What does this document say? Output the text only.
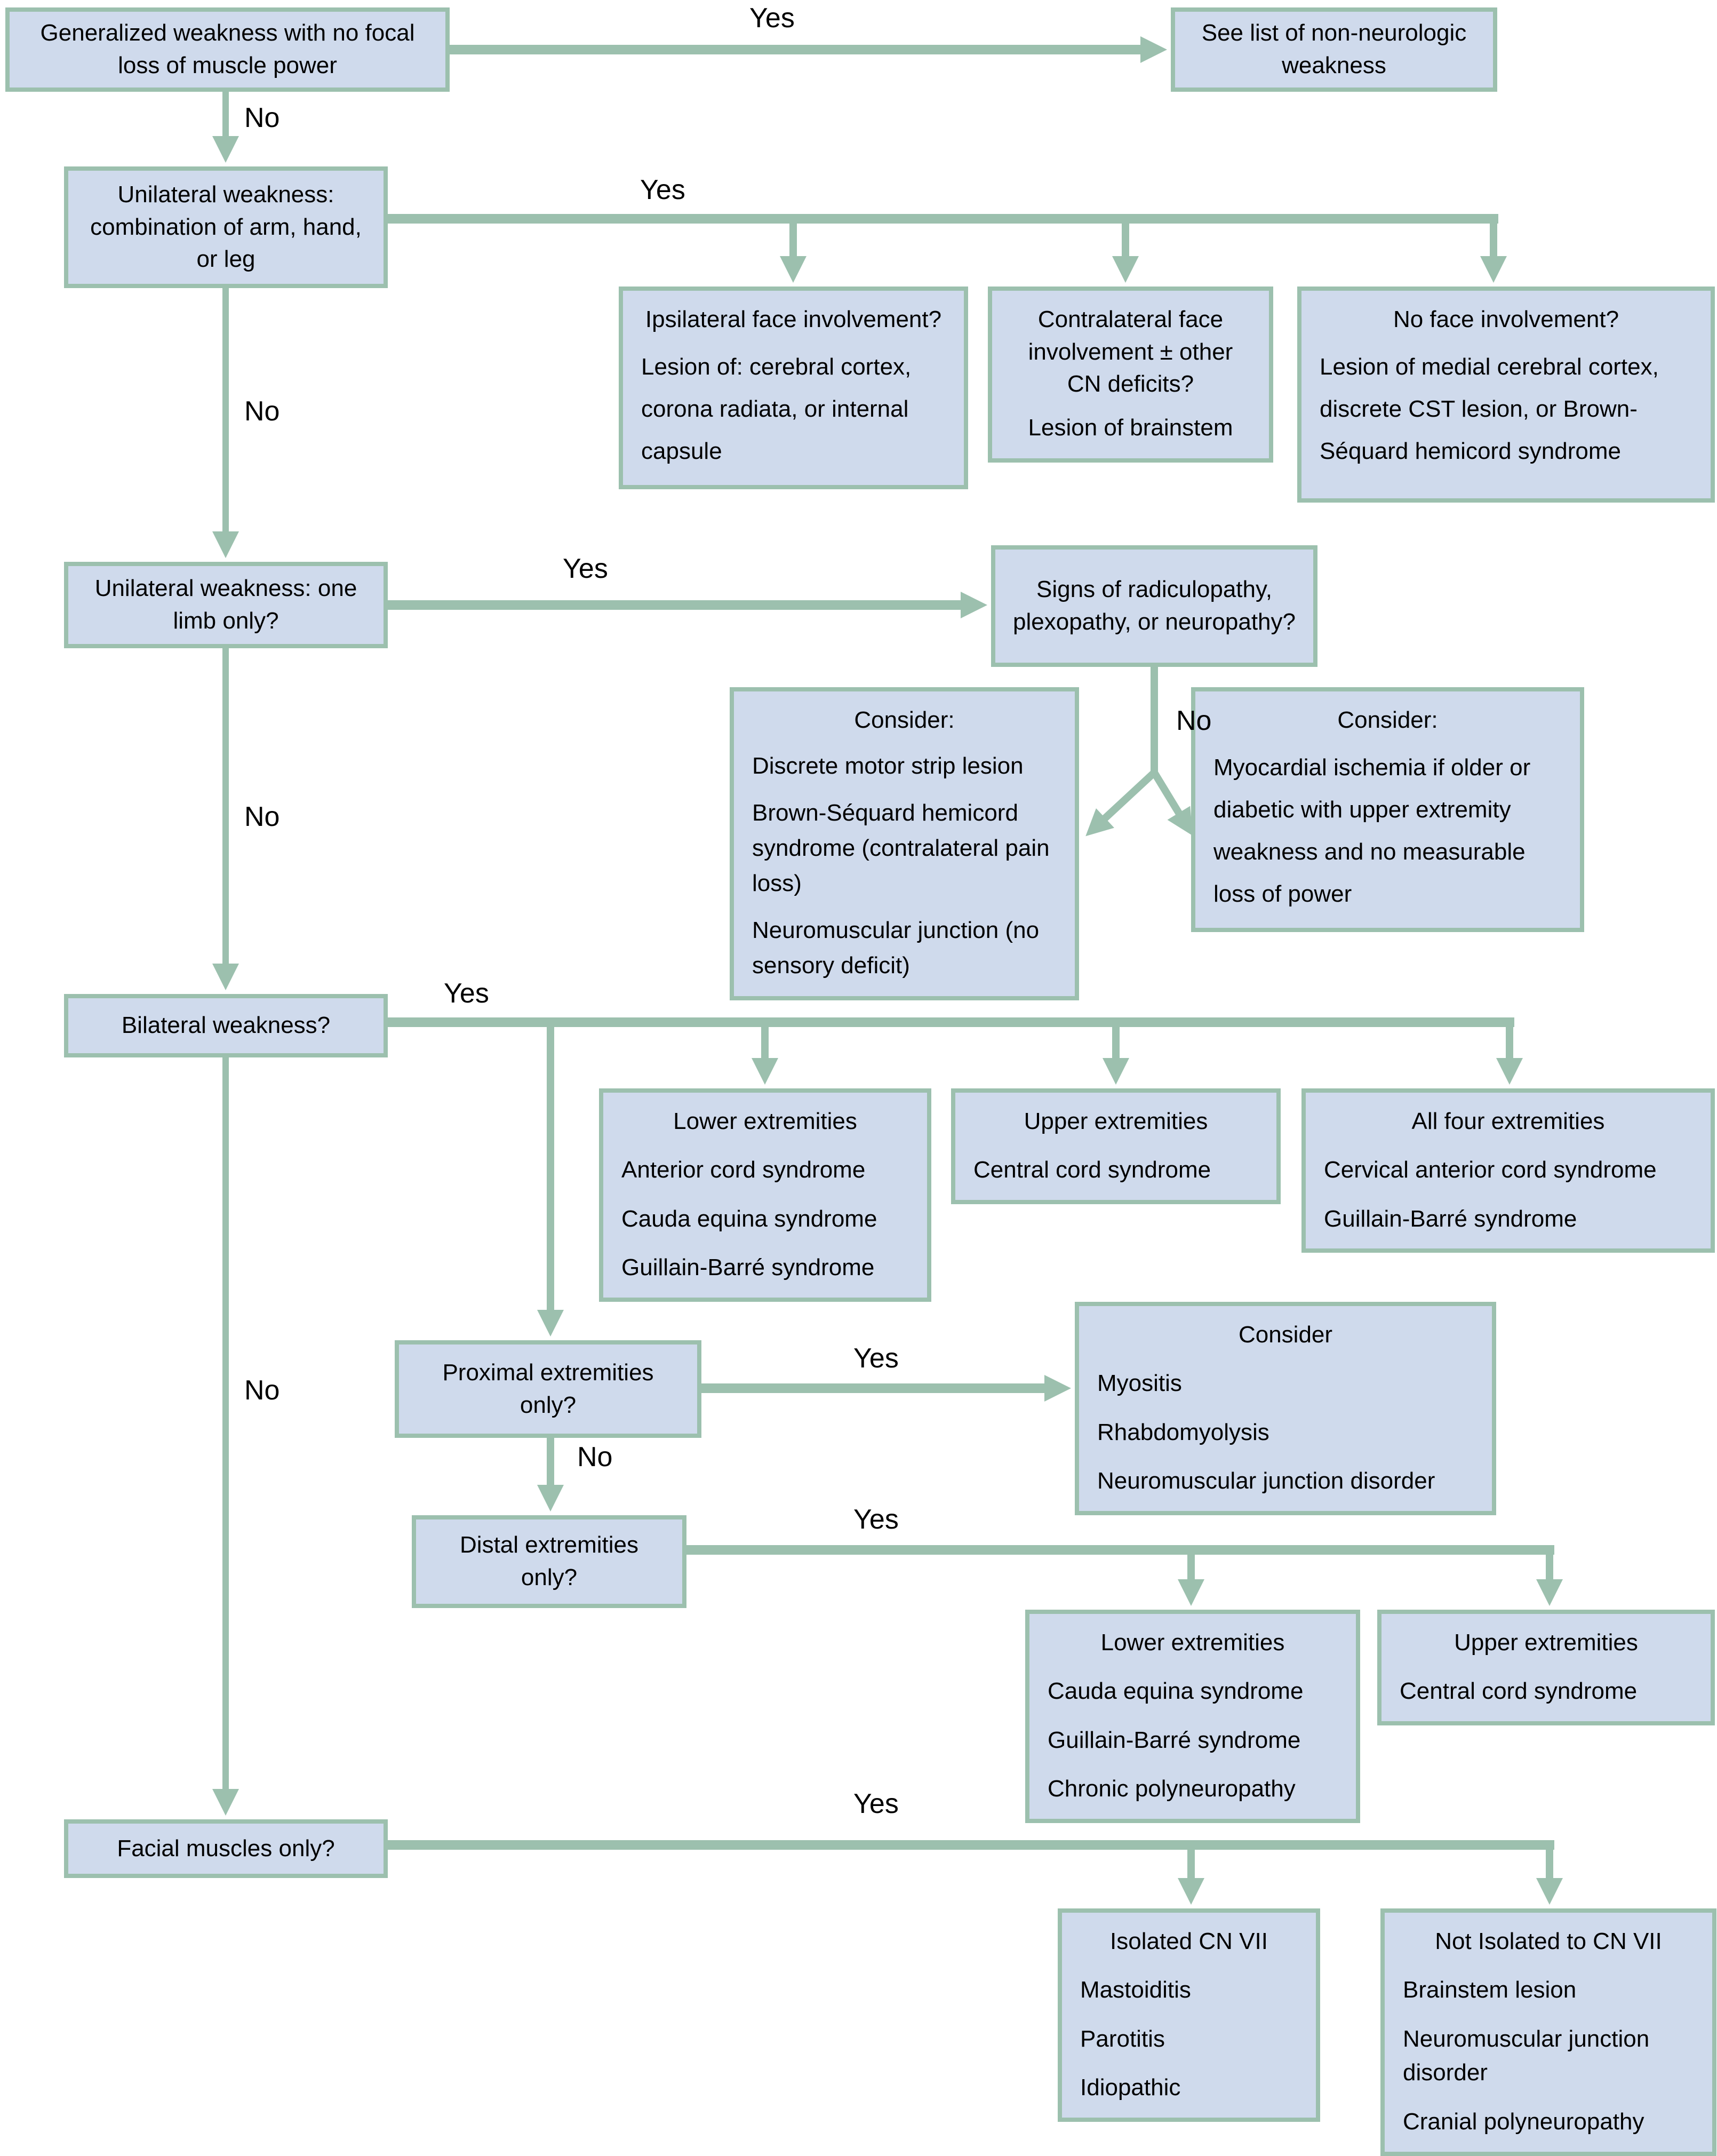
Yes
No
Yes
No
Yes
No
No
Yes
Yes
No
Yes
No
Yes
Generalized weakness with no focal loss of muscle power
See list of non-neurologic weakness
Unilateral weakness: combination of arm, hand, or leg
Ipsilateral face involvement?
Lesion of: cerebral cortex, corona radiata, or internal capsule
Contralateral face involvement ± other CN deficits?
Lesion of brainstem
No face involvement?
Lesion of medial cerebral cortex, discrete CST lesion, or Brown-Séquard hemicord syndrome
Unilateral weakness: one limb only?
Signs of radiculopathy, plexopathy, or neuropathy?
Consider:
Discrete motor strip lesion
Brown-Séquard hemicord syndrome (contralateral pain loss)
Neuromuscular junction (no sensory deficit)
Consider:
Myocardial ischemia if older or diabetic with upper extremity weakness and no measurable loss of power
Bilateral weakness?
Lower extremities
Anterior cord syndrome
Cauda equina syndrome
Guillain-Barré syndrome
Upper extremities
Central cord syndrome
All four extremities
Cervical anterior cord syndrome
Guillain-Barré syndrome
Proximal extremities only?
Consider
Myositis
Rhabdomyolysis
Neuromuscular junction disorder
Distal extremities only?
Lower extremities
Cauda equina syndrome
Guillain-Barré syndrome
Chronic polyneuropathy
Upper extremities
Central cord syndrome
Facial muscles only?
Isolated CN VII
Mastoiditis
Parotitis
Idiopathic
Not Isolated to CN VII
Brainstem lesion
Neuromuscular junction disorder
Cranial polyneuropathy
